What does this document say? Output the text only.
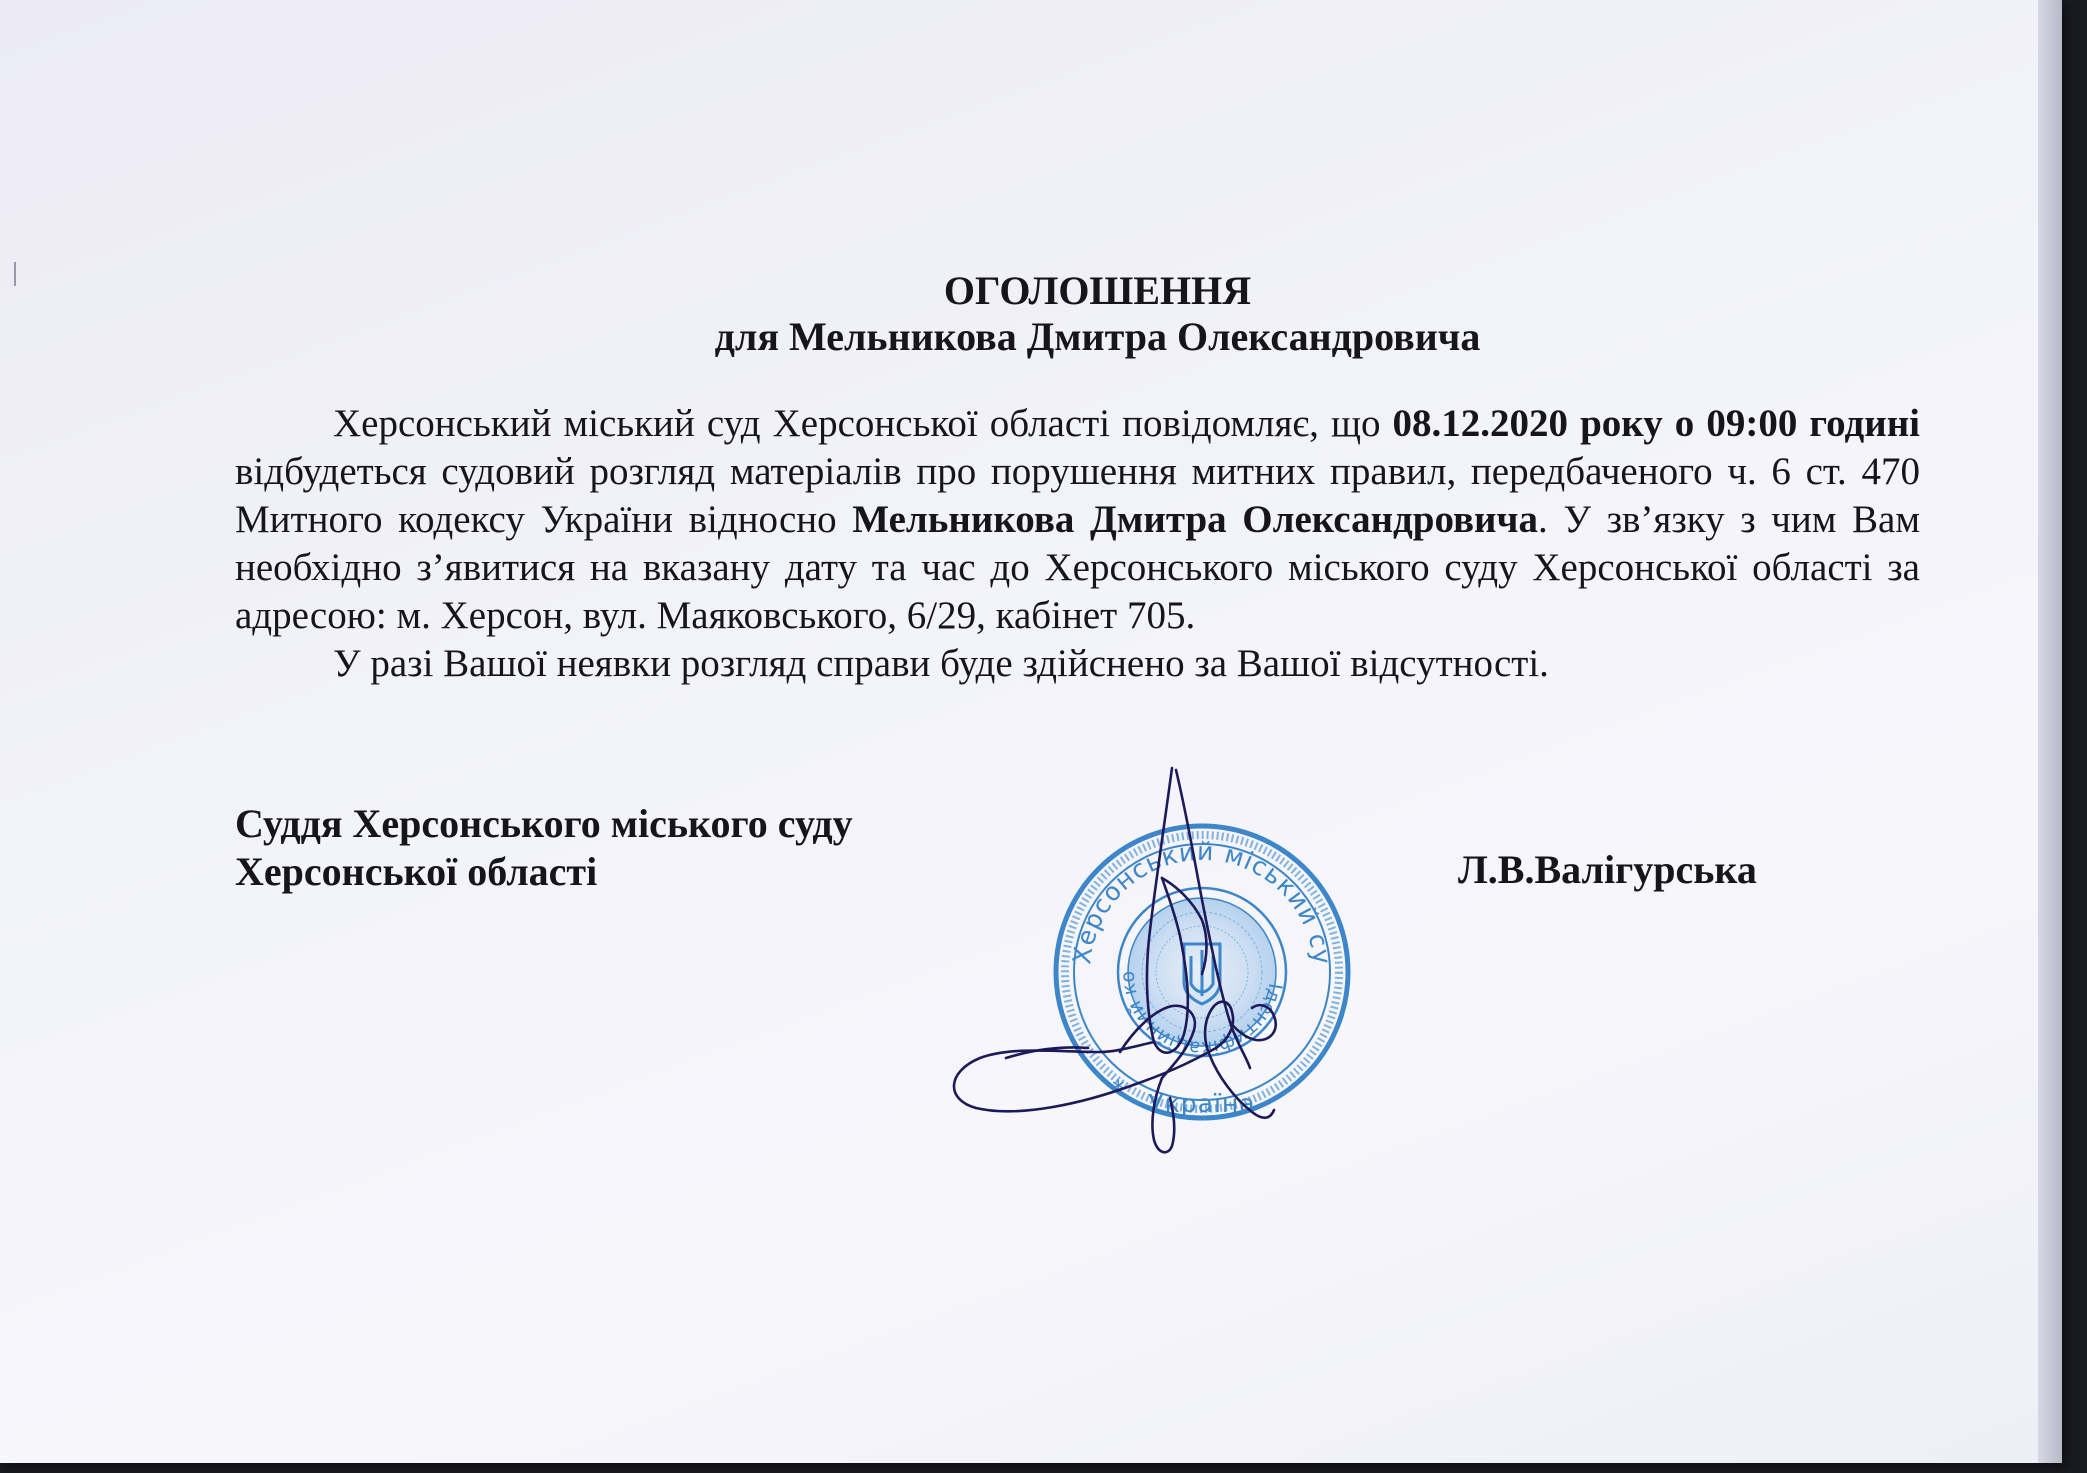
ОГОЛОШЕННЯ
для Мельникова Дмитра Олександровича

Херсонський міський суд Херсонської області повідомляє, що 08.12.2020 року о 09:00 годині відбудеться судовий розгляд матеріалів про порушення митних правил, передбаченого ч. 6 ст. 470 Митного кодексу України відносно Мельникова Дмитра Олександровича. У зв’язку з чим Вам необхідно з’явитися на вказану дату та час до Херсонського міського суду Херсонської області за адресою: м. Херсон, вул. Маяковського, 6/29, кабінет 705.

У разі Вашої неявки розгляд справи буде здійснено за Вашої відсутності.

Суддя Херсонського міського суду
Херсонської області	Л.В.Валігурська
Херсонський міський су
Ідентифікаційний ко
Україна
*
